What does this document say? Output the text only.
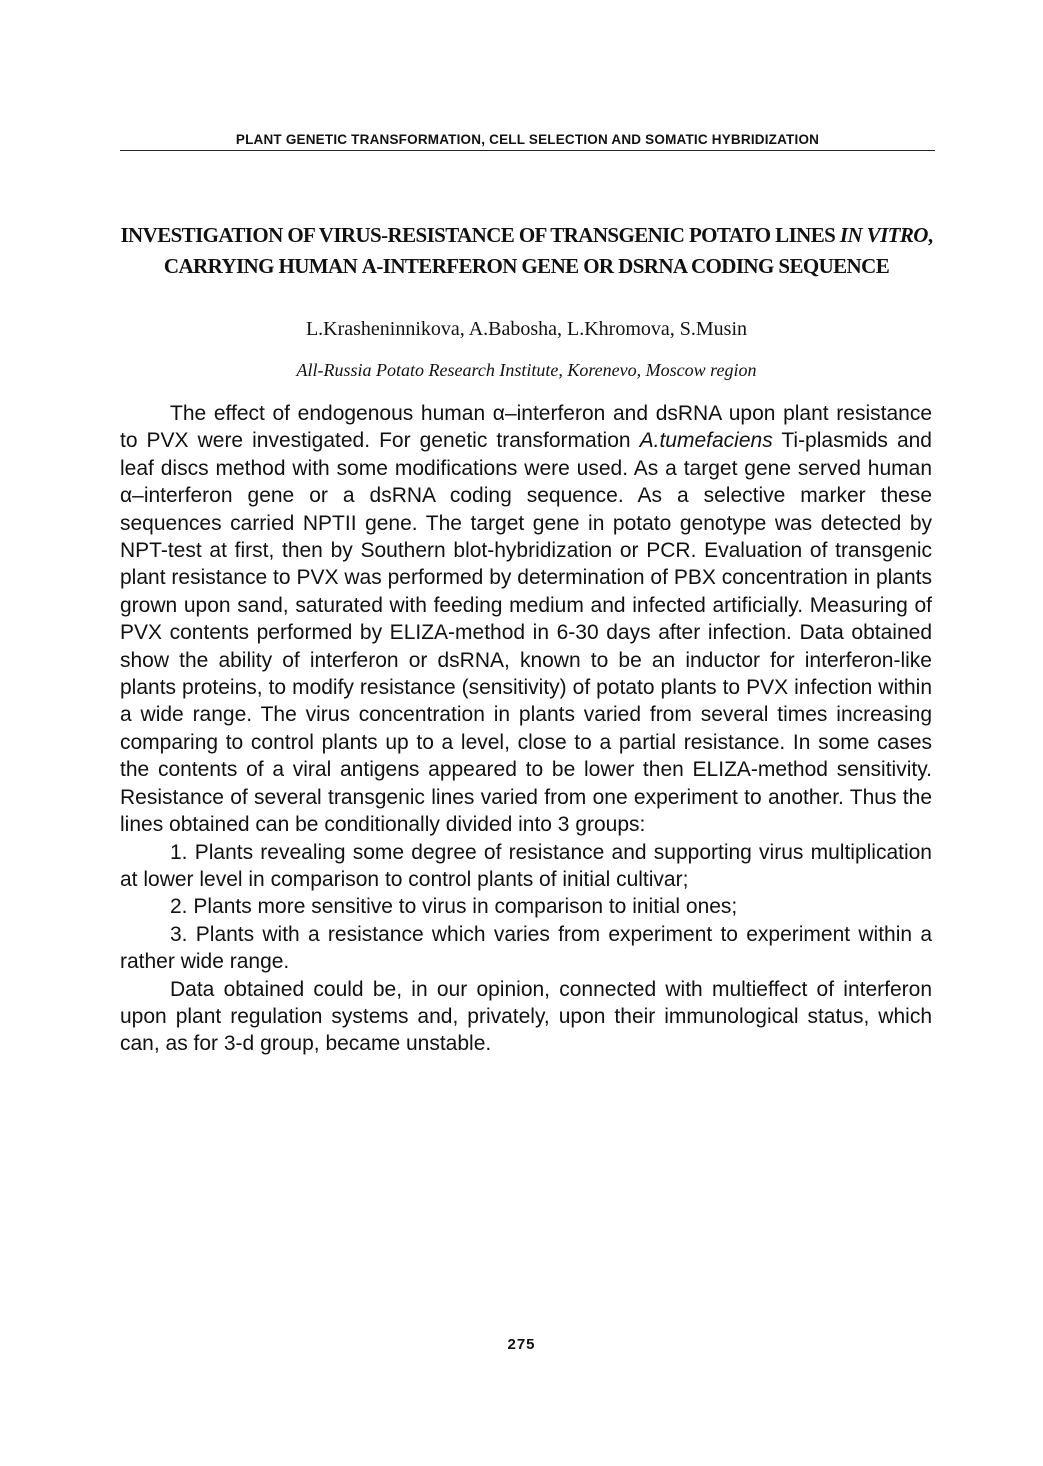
PLANT GENETIC TRANSFORMATION, CELL SELECTION AND SOMATIC HYBRIDIZATION
INVESTIGATION OF VIRUS-RESISTANCE OF TRANSGENIC POTATO LINES IN VITRO, CARRYING HUMAN Α-INTERFERON GENE OR DSRNA CODING SEQUENCE
L.Krasheninnikova, A.Babosha, L.Khromova, S.Musin
All-Russia Potato Research Institute, Korenevo, Moscow region

The effect of endogenous human α–interferon and dsRNA upon plant resistance to PVX were investigated. For genetic transformation A.tumefaciens Ti-plasmids and leaf discs method with some modifications were used. As a target gene served human α–interferon gene or a dsRNA coding sequence. As a selective marker these sequences carried NPTII gene. The target gene in potato genotype was detected by NPT-test at first, then by Southern blot-hybridization or PCR. Evaluation of transgenic plant resistance to PVX was performed by determination of PBX concentration in plants grown upon sand, saturated with feeding medium and infected artificially. Measuring of PVX contents performed by ELIZA-method in 6-30 days after infection. Data obtained show the ability of interferon or dsRNA, known to be an inductor for interferon-like plants proteins, to modify resistance (sensitivity) of potato plants to PVX infection within a wide range. The virus concentration in plants varied from several times increasing comparing to control plants up to a level, close to a partial resistance. In some cases the contents of a viral antigens appeared to be lower then ELIZA-method sensitivity. Resistance of several transgenic lines varied from one experiment to another. Thus the lines obtained can be conditionally divided into 3 groups:

1. Plants revealing some degree of resistance and supporting virus multiplication at lower level in comparison to control plants of initial cultivar;

2. Plants more sensitive to virus in comparison to initial ones;

3. Plants with a resistance which varies from experiment to experiment within a rather wide range.

Data obtained could be, in our opinion, connected with multieffect of interferon upon plant regulation systems and, privately, upon their immunological status, which can, as for 3-d group, became unstable.

275
